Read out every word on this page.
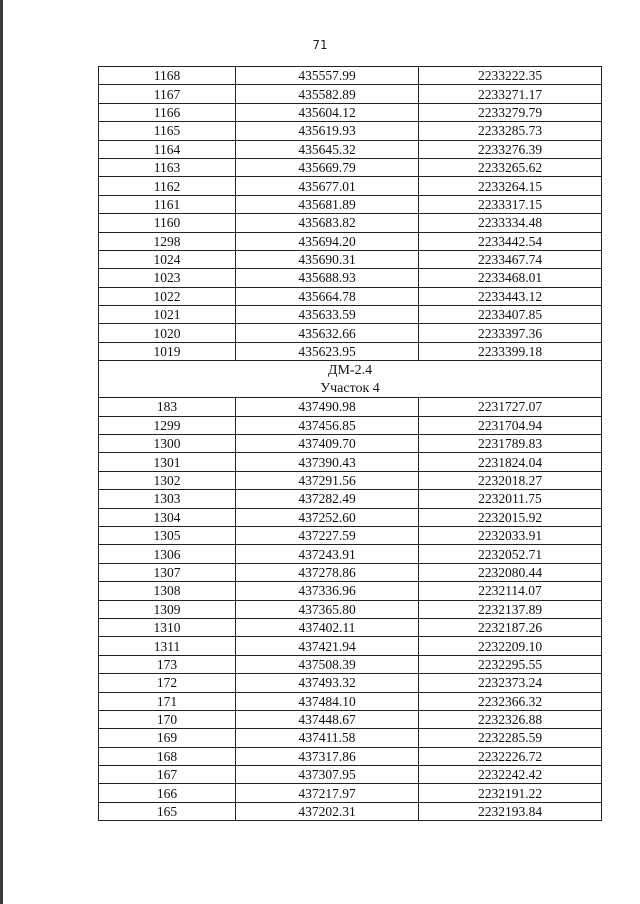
71
1168	435557.99	2233222.35
1167	435582.89	2233271.17
1166	435604.12	2233279.79
1165	435619.93	2233285.73
1164	435645.32	2233276.39
1163	435669.79	2233265.62
1162	435677.01	2233264.15
1161	435681.89	2233317.15
1160	435683.82	2233334.48
1298	435694.20	2233442.54
1024	435690.31	2233467.74
1023	435688.93	2233468.01
1022	435664.78	2233443.12
1021	435633.59	2233407.85
1020	435632.66	2233397.36
1019	435623.95	2233399.18
ДМ-2.4		
Участок 4		
183	437490.98	2231727.07
1299	437456.85	2231704.94
1300	437409.70	2231789.83
1301	437390.43	2231824.04
1302	437291.56	2232018.27
1303	437282.49	2232011.75
1304	437252.60	2232015.92
1305	437227.59	2232033.91
1306	437243.91	2232052.71
1307	437278.86	2232080.44
1308	437336.96	2232114.07
1309	437365.80	2232137.89
1310	437402.11	2232187.26
1311	437421.94	2232209.10
173	437508.39	2232295.55
172	437493.32	2232373.24
171	437484.10	2232366.32
170	437448.67	2232326.88
169	437411.58	2232285.59
168	437317.86	2232226.72
167	437307.95	2232242.42
166	437217.97	2232191.22
165	437202.31	2232193.84
